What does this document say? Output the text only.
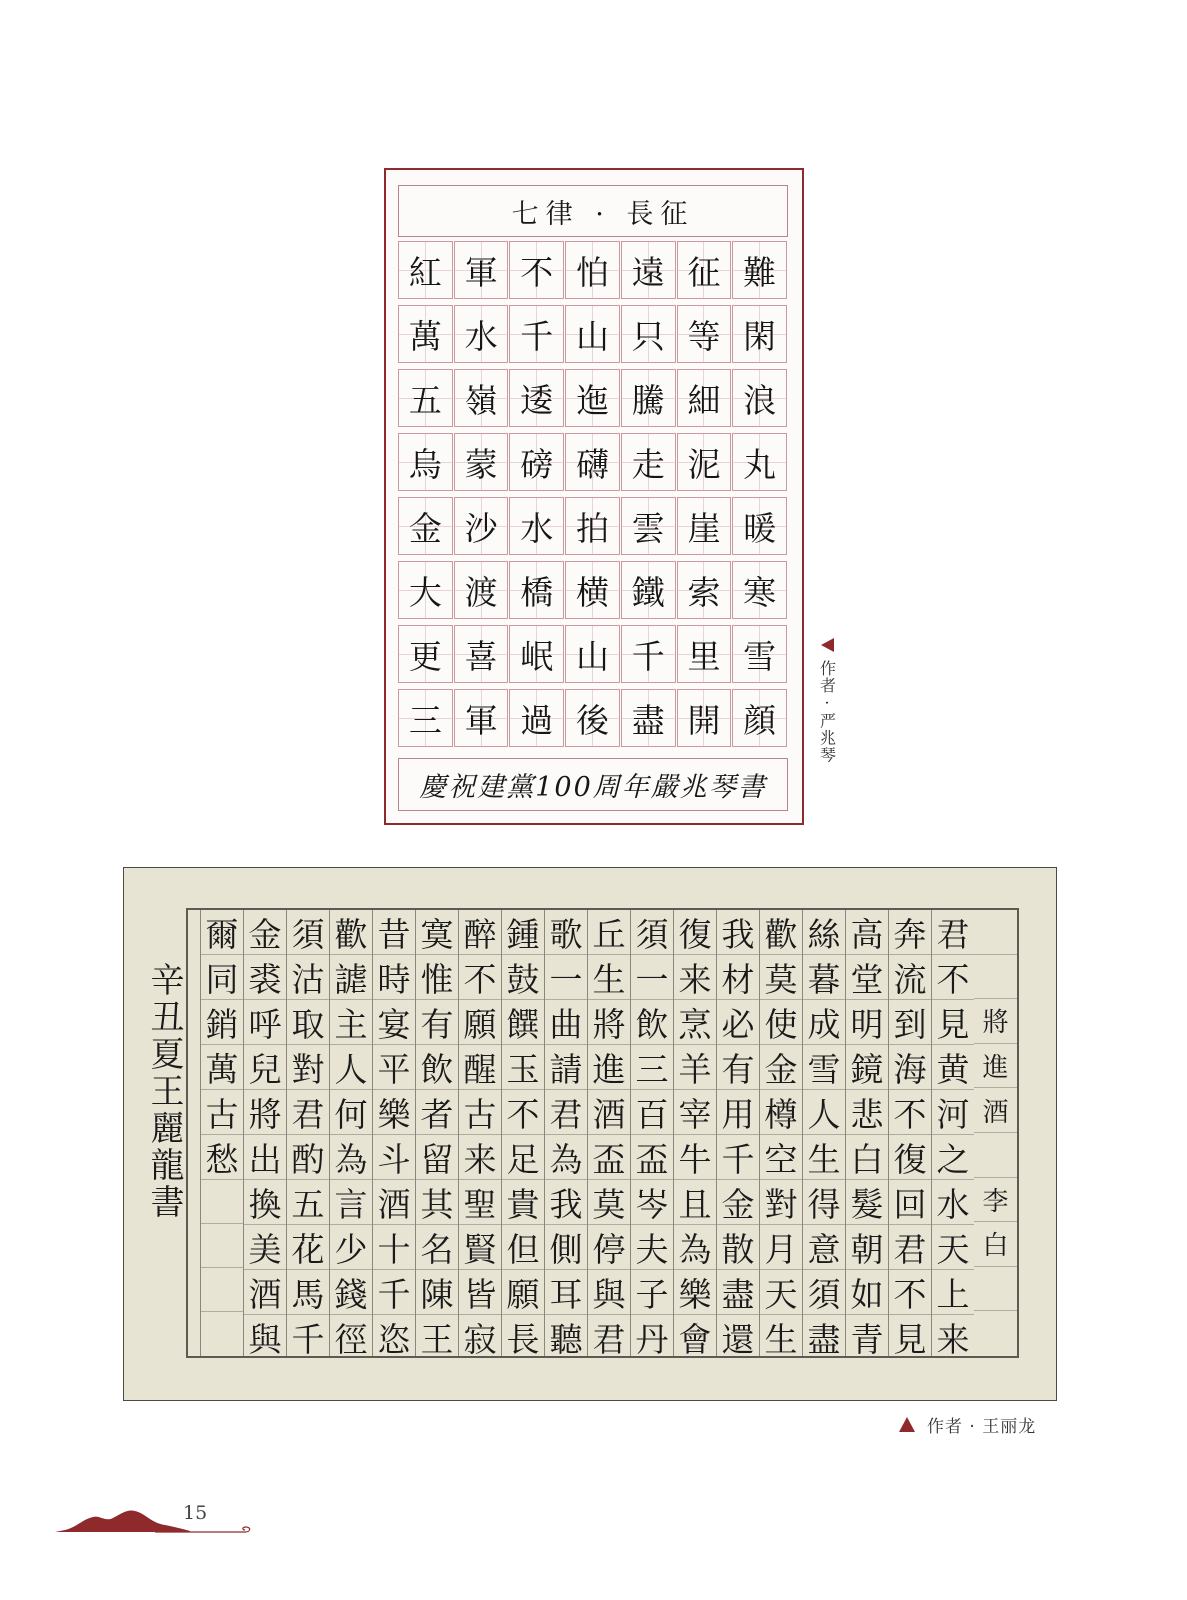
七律 · 長征
紅 軍 不 怕 遠 征 難
萬 水 千 山 只 等 閑
五 嶺 逶 迤 騰 細 浪
烏 蒙 磅 礴 走 泥 丸
金 沙 水 拍 雲 崖 暖
大 渡 橋 横 鐵 索 寒
更 喜 岷 山 千 里 雪
三 軍 過 後 盡 開 顔
慶祝建黨100周年嚴兆琴書
作者 · 严兆琴
辛丑夏王麗龍書	將
進
酒
李
白
君
不
見
黄
河
之
水
天
上
来
奔
流
到
海
不
復
回
君
不
見
高
堂
明
鏡
悲
白
髮
朝
如
青
絲
暮
成
雪
人
生
得
意
須
盡
歡
莫
使
金
樽
空
對
月
天
生
我
材
必
有
用
千
金
散
盡
還
復
来
烹
羊
宰
牛
且
為
樂
會
須
一
飲
三
百
盃
岑
夫
子
丹
丘
生
將
進
酒
盃
莫
停
與
君
歌
一
曲
請
君
為
我
側
耳
聽
鍾
鼓
饌
玉
不
足
貴
但
願
長
醉
不
願
醒
古
来
聖
賢
皆
寂
寞
惟
有
飲
者
留
其
名
陳
王
昔
時
宴
平
樂
斗
酒
十
千
恣
歡
謔
主
人
何
為
言
少
錢
徑
須
沽
取
對
君
酌
五
花
馬
千
金
裘
呼
兒
將
出
換
美
酒
與
爾
同
銷
萬
古
愁
作者 · 王丽龙
15
